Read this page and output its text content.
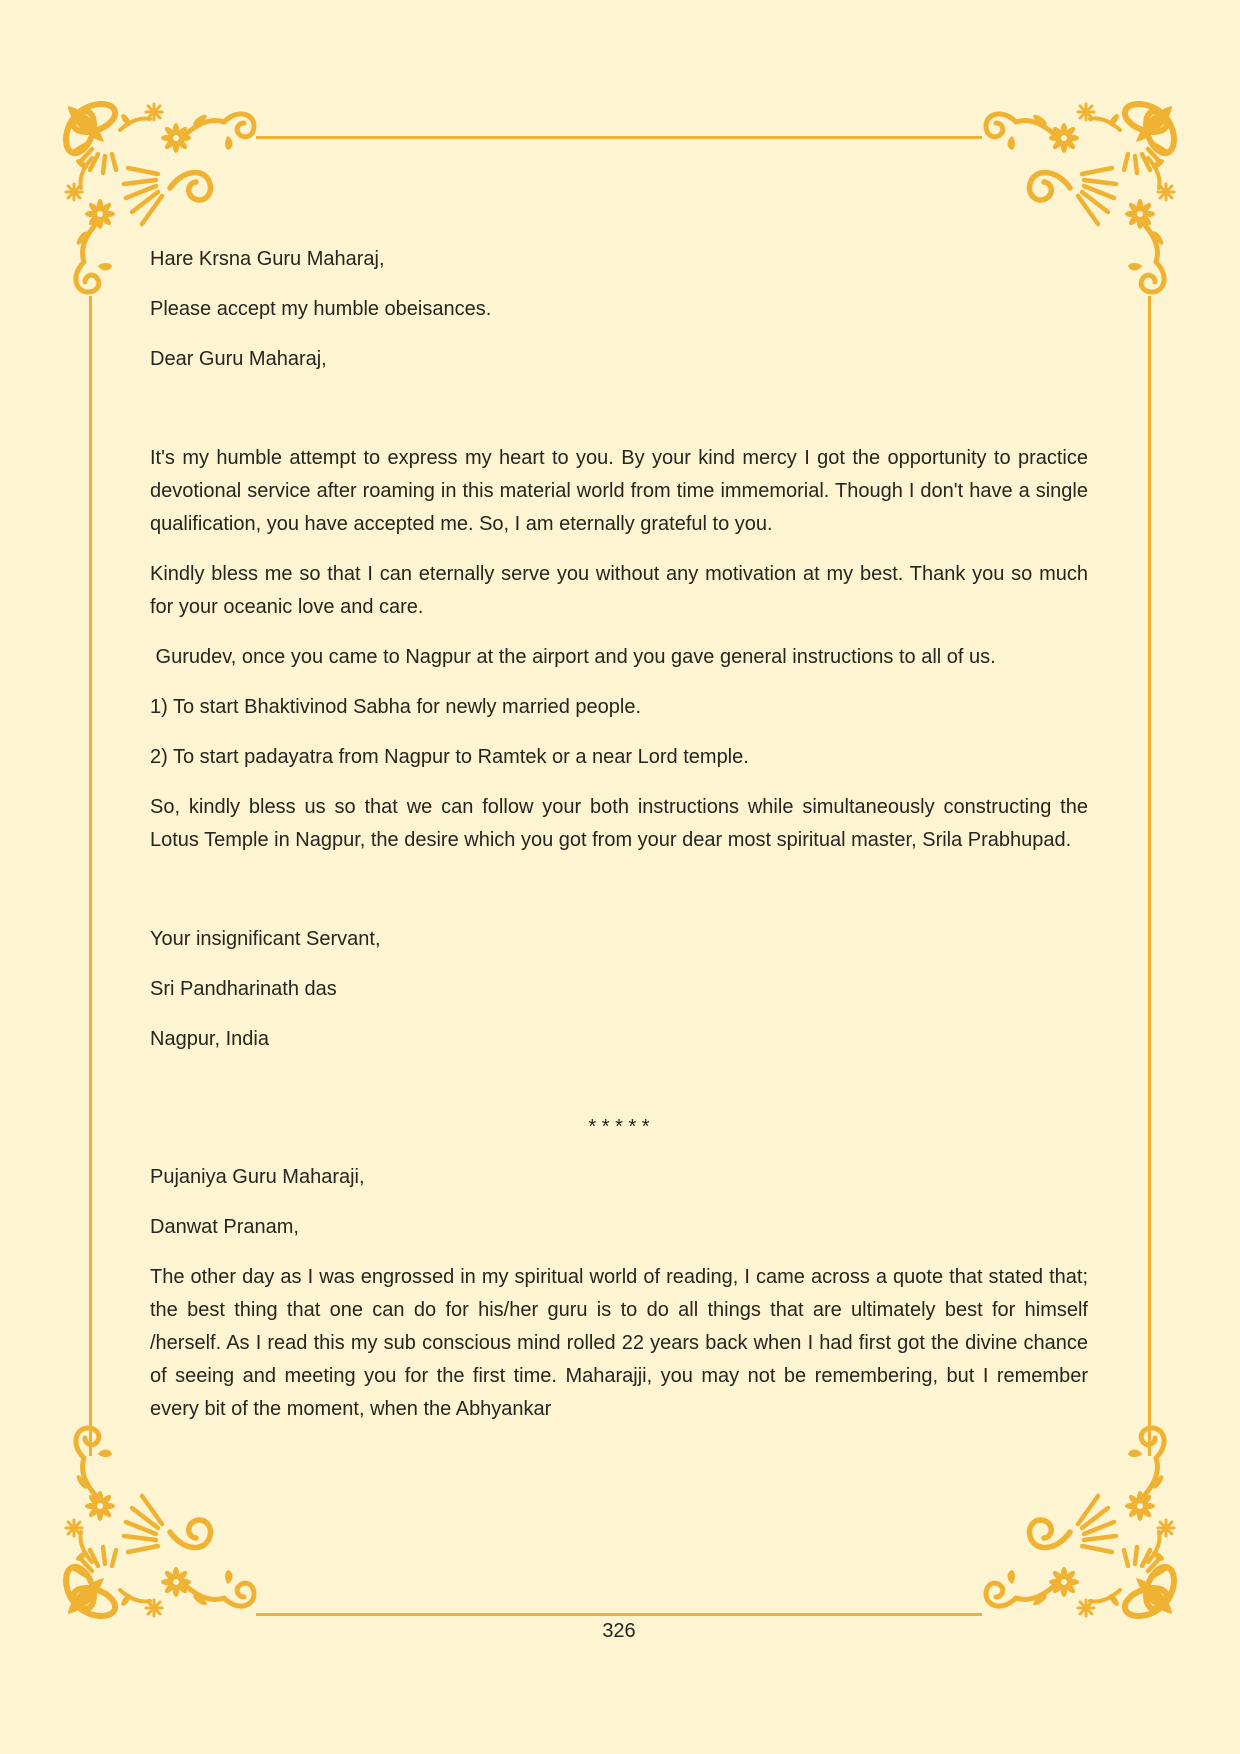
Hare Krsna Guru Maharaj,

Please accept my humble obeisances.

Dear Guru Maharaj,

It's my humble attempt to express my heart to you. By your kind mercy I got the opportunity to practice devotional service after roaming in this material world from time immemorial. Though I don't have a single qualification, you have accepted me. So, I am eternally grateful to you.

Kindly bless me so that I can eternally serve you without any motivation at my best. Thank you so much for your oceanic love and care.

Gurudev, once you came to Nagpur at the airport and you gave general instructions to all of us.

1) To start Bhaktivinod Sabha for newly married people.

2) To start padayatra from Nagpur to Ramtek or a near Lord temple.

So, kindly bless us so that we can follow your both instructions while simultaneously constructing the Lotus Temple in Nagpur, the desire which you got from your dear most spiritual master, Srila Prabhupad.

Your insignificant Servant,

Sri Pandharinath das

Nagpur, India

* * * * *

Pujaniya Guru Maharaji,

Danwat Pranam,

The other day as I was engrossed in my spiritual world of reading, I came across a quote that stated that; the best thing that one can do for his/her guru is to do all things that are ultimately best for himself /herself. As I read this my sub conscious mind rolled 22 years back when I had first got the divine chance of seeing and meeting you for the first time. Maharajji, you may not be remembering, but I remember every bit of the moment, when the Abhyankar

326
